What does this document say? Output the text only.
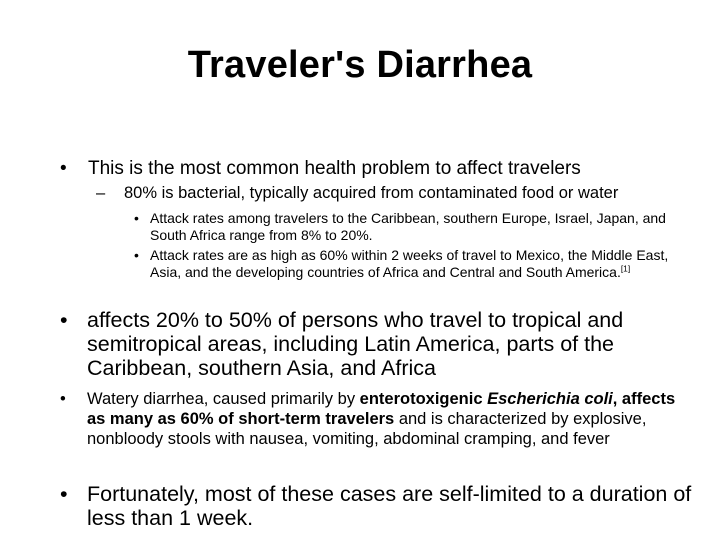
Traveler's Diarrhea
• This is the most common health problem to affect travelers
– 80% is bacterial, typically acquired from contaminated food or water
• Attack rates among travelers to the Caribbean, southern Europe, Israel, Japan, and South Africa range from 8% to 20%.
• Attack rates are as high as 60% within 2 weeks of travel to Mexico, the Middle East, Asia, and the developing countries of Africa and Central and South America.[1]
• affects 20% to 50% of persons who travel to tropical and semitropical areas, including Latin America, parts of the Caribbean, southern Asia, and Africa
• Watery diarrhea, caused primarily by enterotoxigenic Escherichia coli, affects as many as 60% of short-term travelers and is characterized by explosive, nonbloody stools with nausea, vomiting, abdominal cramping, and fever
• Fortunately, most of these cases are self-limited to a duration of less than 1 week.
